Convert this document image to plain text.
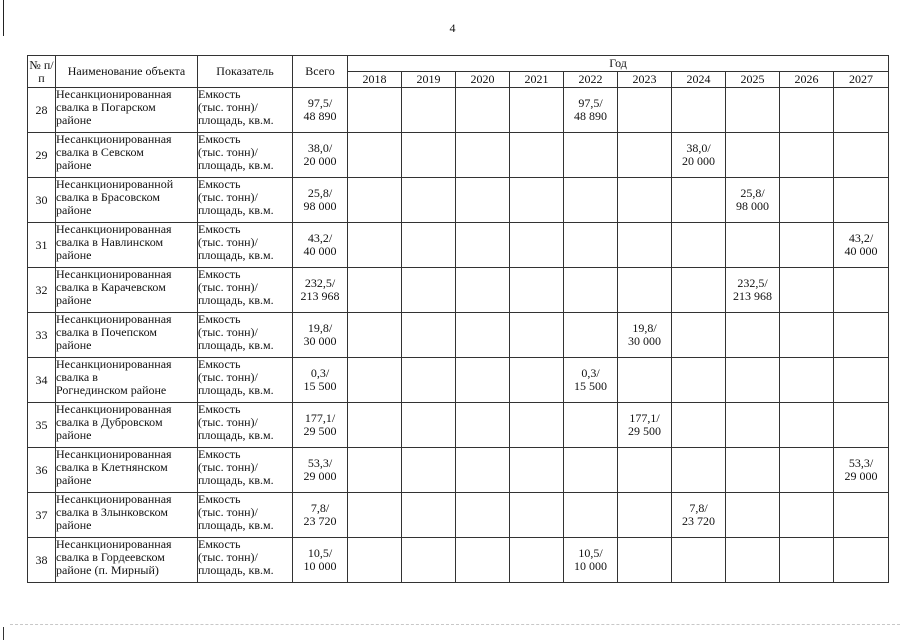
4
№ п/п	Наименование объекта	Показатель	Всего	Год									
				2018	2019	2020	2021	2022	2023	2024	2025	2026	2027
28	Несанкционированная
свалка в Погарском
районе	Емкость
(тыс. тонн)/
площадь, кв.м.	97,5/
48 890					97,5/
48 890					

29	Несанкционированная
свалка в Севском
районе	Емкость
(тыс. тонн)/
площадь, кв.м.	38,0/
20 000							38,0/
20 000			

30	Несанкционированной
свалка в Брасовском
районе	Емкость
(тыс. тонн)/
площадь, кв.м.	25,8/
98 000								25,8/
98 000		

31	Несанкционированная
свалка в Навлинском
районе	Емкость
(тыс. тонн)/
площадь, кв.м.	43,2/
40 000										43,2/
40 000

32	Несанкционированная
свалка в Карачевском
районе	Емкость
(тыс. тонн)/
площадь, кв.м.	232,5/
213 968								232,5/
213 968		

33	Несанкционированная
свалка в Почепском
районе	Емкость
(тыс. тонн)/
площадь, кв.м.	19,8/
30 000						19,8/
30 000				

34	Несанкционированная
свалка в
Рогнединском районе	Емкость
(тыс. тонн)/
площадь, кв.м.	0,3/
15 500					0,3/
15 500					

35	Несанкционированная
свалка в Дубровском
районе	Емкость
(тыс. тонн)/
площадь, кв.м.	177,1/
29 500						177,1/
29 500				

36	Несанкционированная
свалка в Клетнянском
районе	Емкость
(тыс. тонн)/
площадь, кв.м.	53,3/
29 000										53,3/
29 000

37	Несанкционированная
свалка в Злынковском
районе	Емкость
(тыс. тонн)/
площадь, кв.м.	7,8/
23 720							7,8/
23 720			

38	Несанкционированная
свалка в Гордеевском
районе (п. Мирный)	Емкость
(тыс. тонн)/
площадь, кв.м.	10,5/
10 000					10,5/
10 000					
